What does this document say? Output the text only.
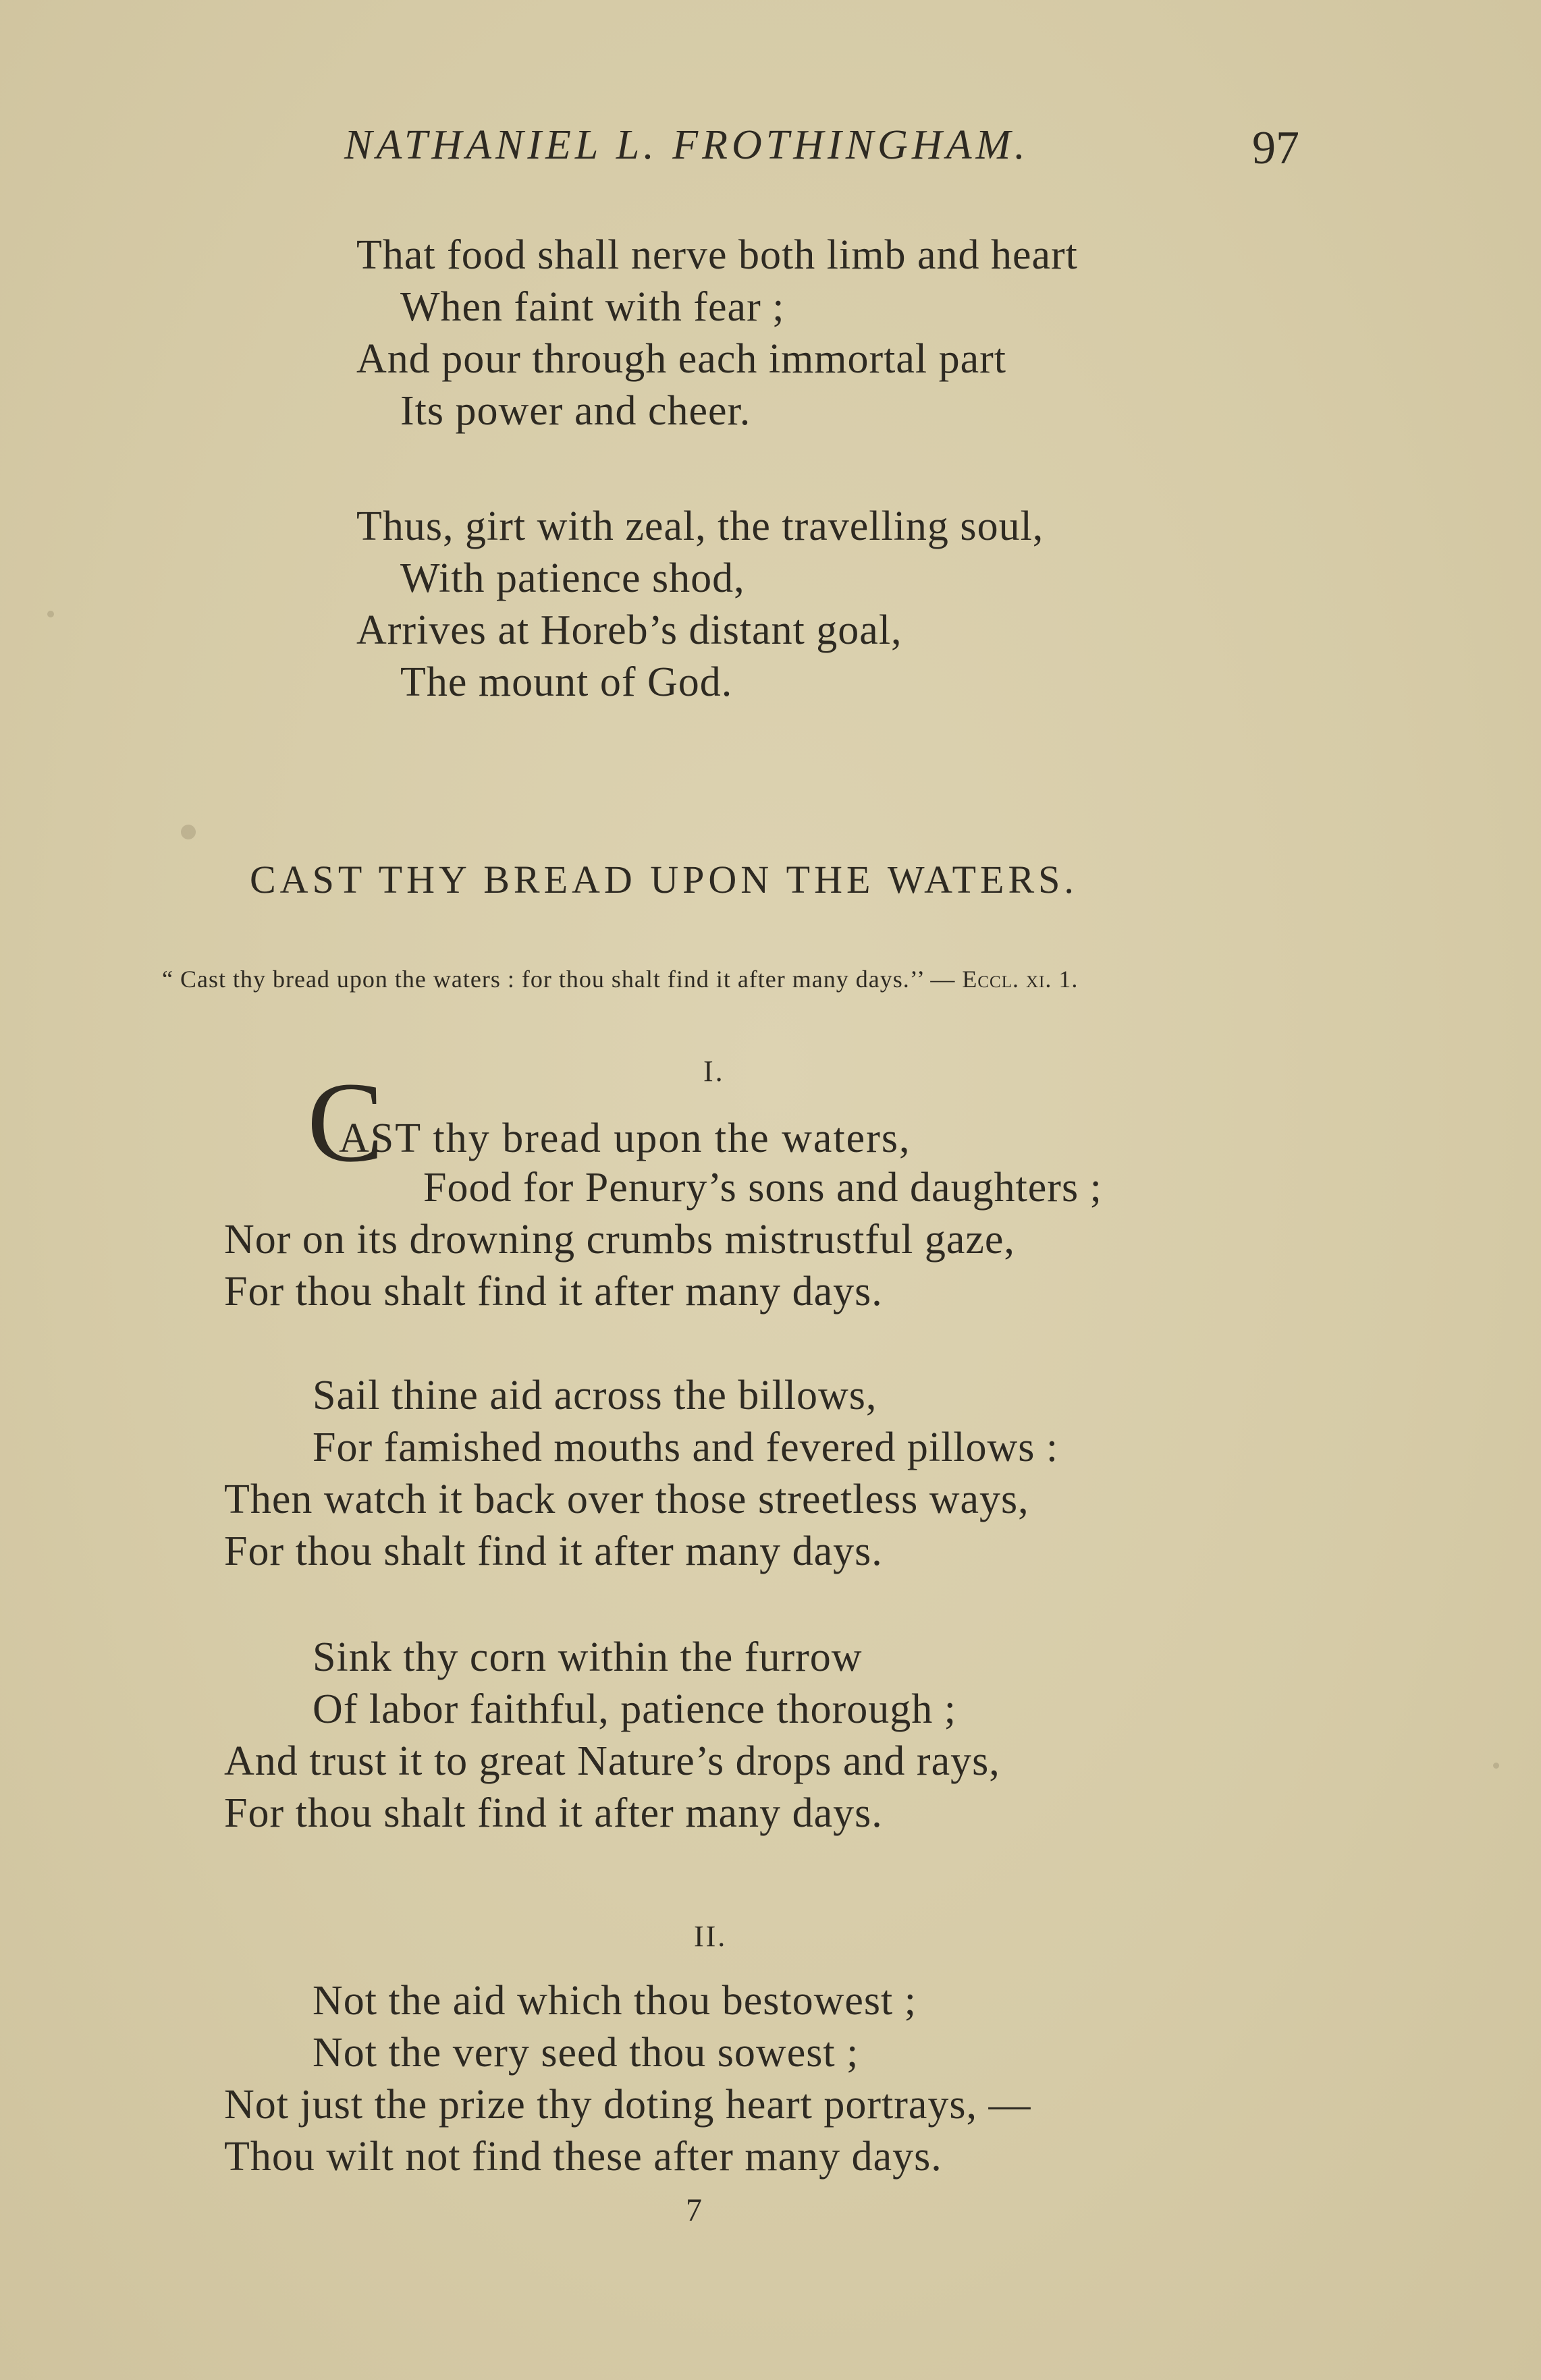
NATHANIEL L. FROTHINGHAM.	97
That food shall nerve both limb and heart
When faint with fear ;
And pour through each immortal part
Its power and cheer.
Thus, girt with zeal, the travelling soul,
With patience shod,
Arrives at Horeb’s distant goal,
The mount of God.
CAST THY BREAD UPON THE WATERS.
“ Cast thy bread upon the waters : for thou shalt find it after many days.’’ — Eccl. xi. 1.
I.
C
AST thy bread upon the waters,
Food for Penury’s sons and daughters ;
Nor on its drowning crumbs mistrustful gaze,
For thou shalt find it after many days.
Sail thine aid across the billows,
For famished mouths and fevered pillows :
Then watch it back over those streetless ways,
For thou shalt find it after many days.
Sink thy corn within the furrow
Of labor faithful, patience thorough ;
And trust it to great Nature’s drops and rays,
For thou shalt find it after many days.
II.
Not the aid which thou bestowest ;
Not the very seed thou sowest ;
Not just the prize thy doting heart portrays, —
Thou wilt not find these after many days.
7
